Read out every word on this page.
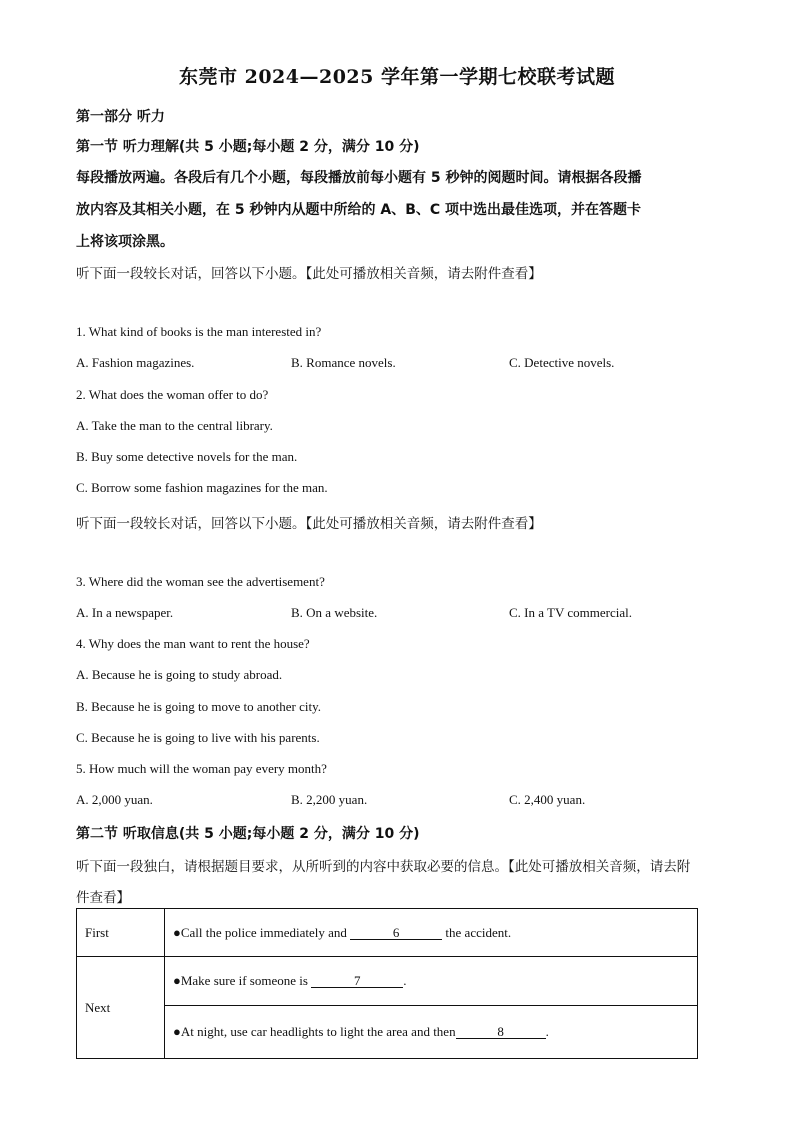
东莞市 2024—2025 学年第一学期七校联考试题
第一部分 听力
第一节 听力理解(共 5 小题;每小题 2 分，满分 10 分)
每段播放两遍。各段后有几个小题，每段播放前每小题有 5 秒钟的阅题时间。请根据各段播
放内容及其相关小题，在 5 秒钟内从题中所给的 A、B、C 项中选出最佳选项，并在答题卡
上将该项涂黑。
听下面一段较长对话，回答以下小题。【此处可播放相关音频，请去附件查看】
1. What kind of books is the man interested in?
A. Fashion magazines.	B. Romance novels.	C. Detective novels.
2. What does the woman offer to do?
A. Take the man to the central library.
B. Buy some detective novels for the man.
C. Borrow some fashion magazines for the man.
听下面一段较长对话，回答以下小题。【此处可播放相关音频，请去附件查看】
3. Where did the woman see the advertisement?
A. In a newspaper.	B. On a website.	C. In a TV commercial.
4. Why does the man want to rent the house?
A. Because he is going to study abroad.
B. Because he is going to move to another city.
C. Because he is going to live with his parents.
5. How much will the woman pay every month?
A. 2,000 yuan.	B. 2,200 yuan.	C. 2,400 yuan.
第二节 听取信息(共 5 小题;每小题 2 分，满分 10 分)
听下面一段独白，请根据题目要求，从所听到的内容中获取必要的信息。【此处可播放相关音频，请去附
件查看】
First	●Call the police immediately and 6 the accident.
Next	●Make sure if someone is 7 .
	●At night, use car headlights to light the area and then 8 .
